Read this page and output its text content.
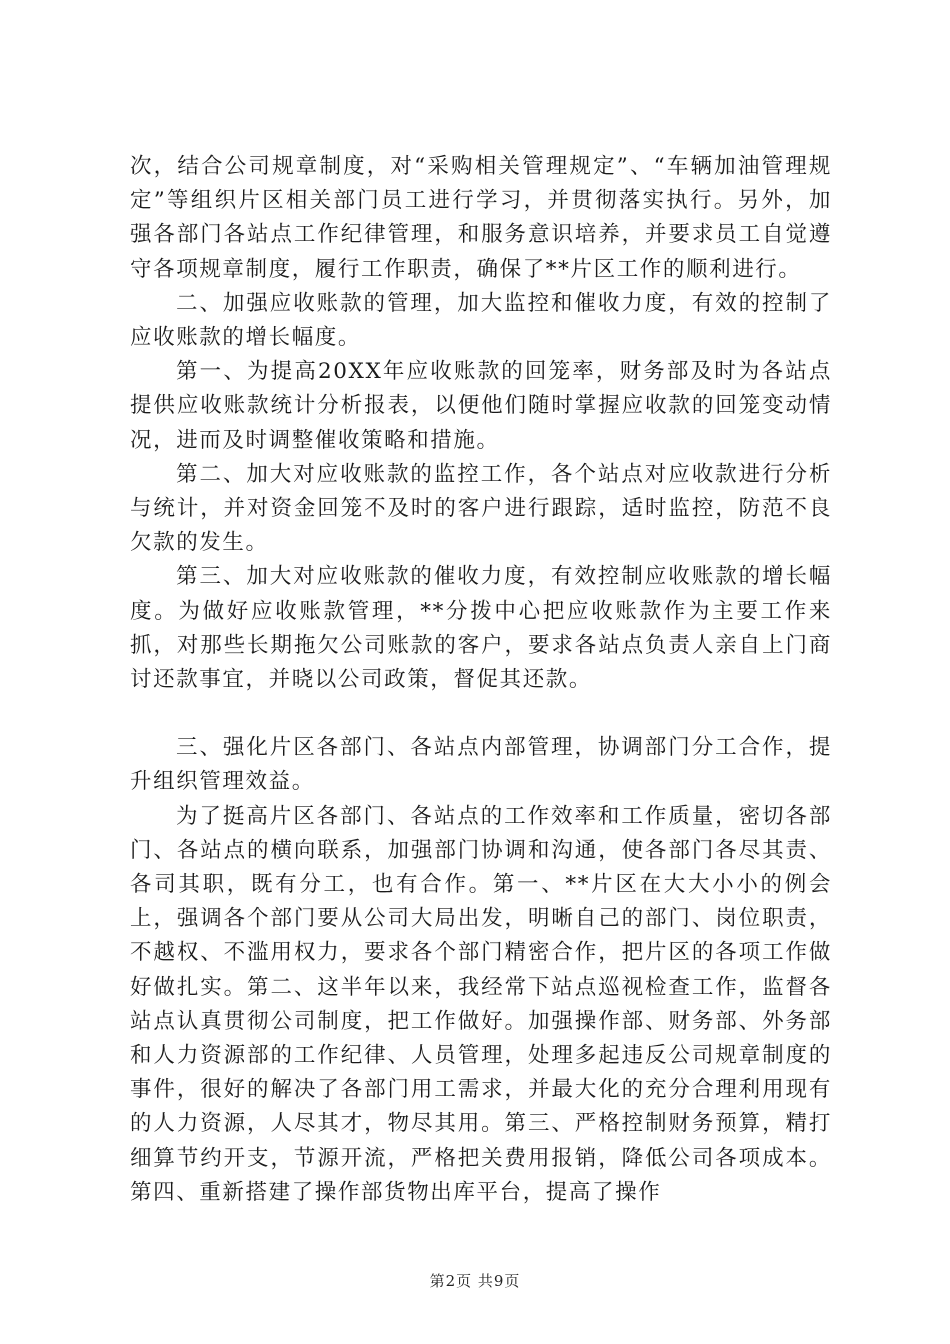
次，结合公司规章制度，对“采购相关管理规定”、“车辆加油管理规定”等组织片区相关部门员工进行学习，并贯彻落实执行。另外，加强各部门各站点工作纪律管理，和服务意识培养，并要求员工自觉遵守各项规章制度，履行工作职责，确保了**片区工作的顺利进行。

二、加强应收账款的管理，加大监控和催收力度，有效的控制了应收账款的增长幅度。

第一、为提高20XX年应收账款的回笼率，财务部及时为各站点提供应收账款统计分析报表，以便他们随时掌握应收款的回笼变动情况，进而及时调整催收策略和措施。

第二、加大对应收账款的监控工作，各个站点对应收款进行分析与统计，并对资金回笼不及时的客户进行跟踪，适时监控，防范不良欠款的发生。

第三、加大对应收账款的催收力度，有效控制应收账款的增长幅度。为做好应收账款管理，**分拨中心把应收账款作为主要工作来抓，对那些长期拖欠公司账款的客户，要求各站点负责人亲自上门商讨还款事宜，并晓以公司政策，督促其还款。

三、强化片区各部门、各站点内部管理，协调部门分工合作，提升组织管理效益。

为了挺高片区各部门、各站点的工作效率和工作质量，密切各部门、各站点的横向联系，加强部门协调和沟通，使各部门各尽其责、各司其职，既有分工，也有合作。第一、**片区在大大小小的例会上，强调各个部门要从公司大局出发，明晰自己的部门、岗位职责，不越权、不滥用权力，要求各个部门精密合作，把片区的各项工作做好做扎实。第二、这半年以来，我经常下站点巡视检查工作，监督各站点认真贯彻公司制度，把工作做好。加强操作部、财务部、外务部和人力资源部的工作纪律、人员管理，处理多起违反公司规章制度的事件，很好的解决了各部门用工需求，并最大化的充分合理利用现有的人力资源，人尽其才，物尽其用。第三、严格控制财务预算，精打细算节约开支，节源开流，严格把关费用报销，降低公司各项成本。第四、重新搭建了操作部货物出库平台，提高了操作

第2页 共9页
